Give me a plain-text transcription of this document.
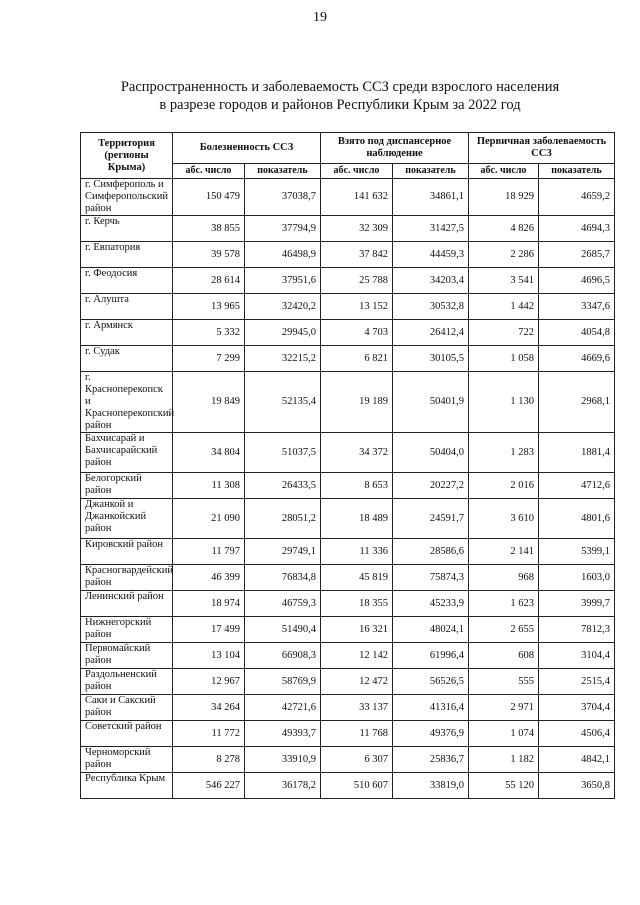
19
Распространенность и заболеваемость ССЗ среди взрослого населения
в разрезе городов и районов Республики Крым за 2022 год
Территория (регионы Крыма)	Болезненность ССЗ		Взято под диспансерное наблюдение		Первичная заболеваемость ССЗ	
	абс. число	показатель	абс. число	показатель	абс. число	показатель
г. Симферополь и Симферопольский район	150 479	37038,7	141 632	34861,1	18 929	4659,2
г. Керчь	38 855	37794,9	32 309	31427,5	4 826	4694,3
г. Евпатория	39 578	46498,9	37 842	44459,3	2 286	2685,7
г. Феодосия	28 614	37951,6	25 788	34203,4	3 541	4696,5
г. Алушта	13 965	32420,2	13 152	30532,8	1 442	3347,6
г. Армянск	5 332	29945,0	4 703	26412,4	722	4054,8
г. Судак	7 299	32215,2	6 821	30105,5	1 058	4669,6
г. Красноперекопск и Красноперекопский район	19 849	52135,4	19 189	50401,9	1 130	2968,1
Бахчисарай и Бахчисарайский район	34 804	51037,5	34 372	50404,0	1 283	1881,4
Белогорский район	11 308	26433,5	8 653	20227,2	2 016	4712,6
Джанкой и Джанкойский район	21 090	28051,2	18 489	24591,7	3 610	4801,6
Кировский район	11 797	29749,1	11 336	28586,6	2 141	5399,1
Красногвардейский район	46 399	76834,8	45 819	75874,3	968	1603,0
Ленинский район	18 974	46759,3	18 355	45233,9	1 623	3999,7
Нижнегорский район	17 499	51490,4	16 321	48024,1	2 655	7812,3
Первомайский район	13 104	66908,3	12 142	61996,4	608	3104,4
Раздольненский район	12 967	58769,9	12 472	56526,5	555	2515,4
Саки и Сакский район	34 264	42721,6	33 137	41316,4	2 971	3704,4
Советский район	11 772	49393,7	11 768	49376,9	1 074	4506,4
Черноморский район	8 278	33910,9	6 307	25836,7	1 182	4842,1
Республика Крым	546 227	36178,2	510 607	33819,0	55 120	3650,8
